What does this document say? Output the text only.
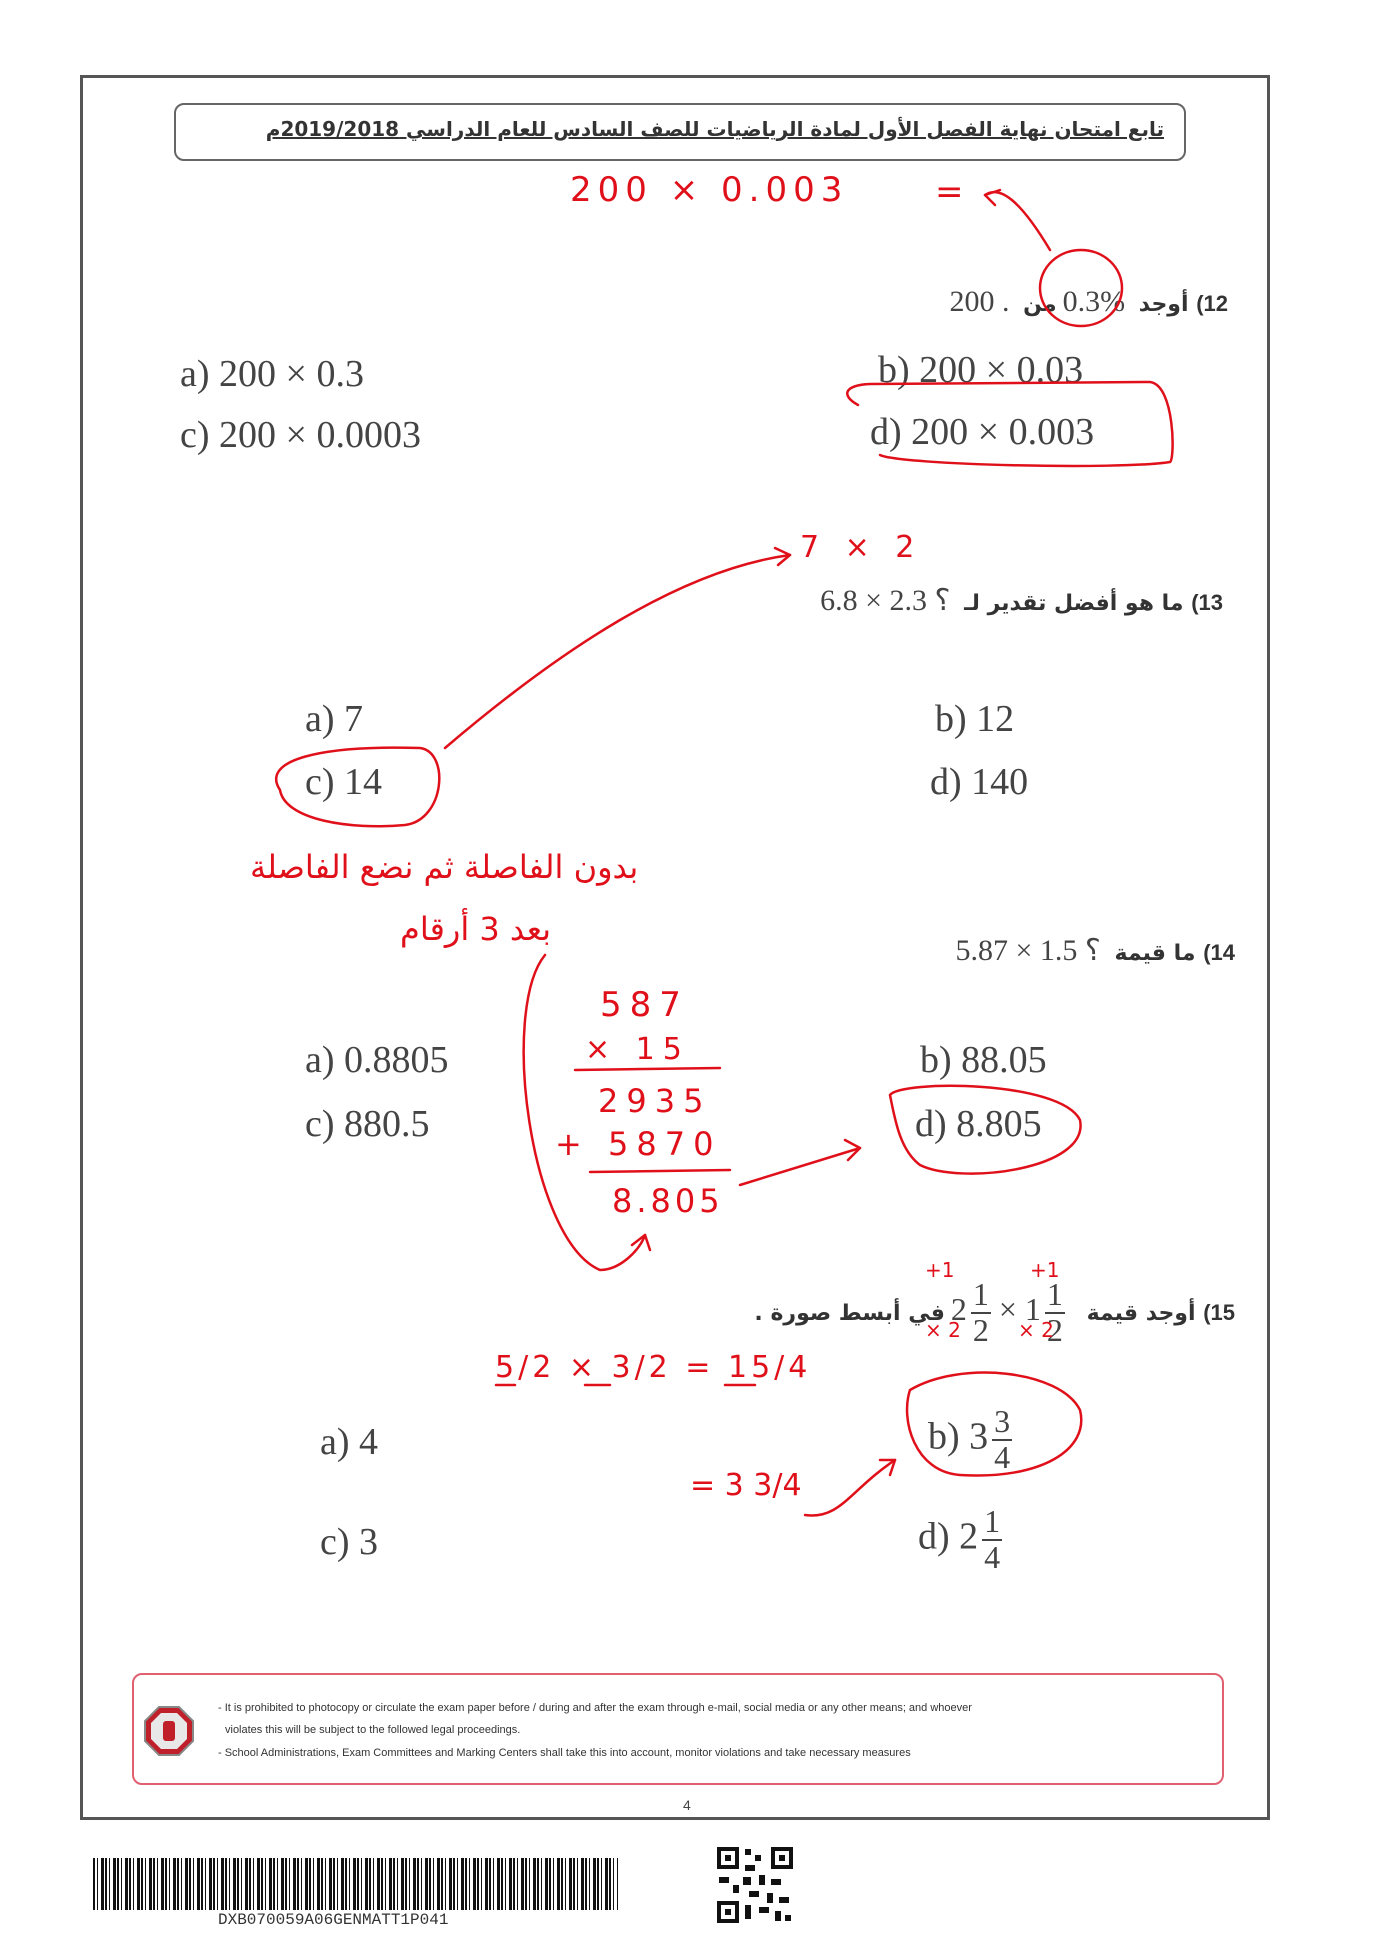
تابع امتحان نهاية الفصل الأول لمادة الرياضيات للصف السادس للعام الدراسي 2019/2018م
12) أوجد 0.3%من 200 .
a) 200 × 0.3	b) 200 × 0.03
c) 200 × 0.0003	d) 200 × 0.003
13) ما هو أفضل تقدير لـ 6.8 × 2.3 ؟
a) 7	b) 12
c) 14	d) 140
14) ما قيمة 5.87 × 1.5 ؟
a) 0.8805	b) 88.05
c) 880.5	d) 8.805
15) أوجد قيمة $2 \frac{1}{2} \times 1 \frac{1}{2}$
في أبسط صورة .
a) 4	b) $3 \frac{3}{4}$
c) 3	d) $2 \frac{1}{4}$
200 × 0.003	=
7 × 2
بدون الفاصلة ثم نضع الفاصلة
بعد 3 أرقام
587
× 15
2935
+ 5870
8.805
5/2 × 3/2 = 15/4
= 3 3/4
+1
× 2
+1
× 2
- It is prohibited to photocopy or circulate the exam paper before / during and after the exam through e-mail, social media or any other means; and whoever
violates this will be subject to the followed legal proceedings.
- School Administrations, Exam Committees and Marking Centers shall take this into account, monitor violations and take necessary measures
4
DXB070059A06GENMATT1P041
